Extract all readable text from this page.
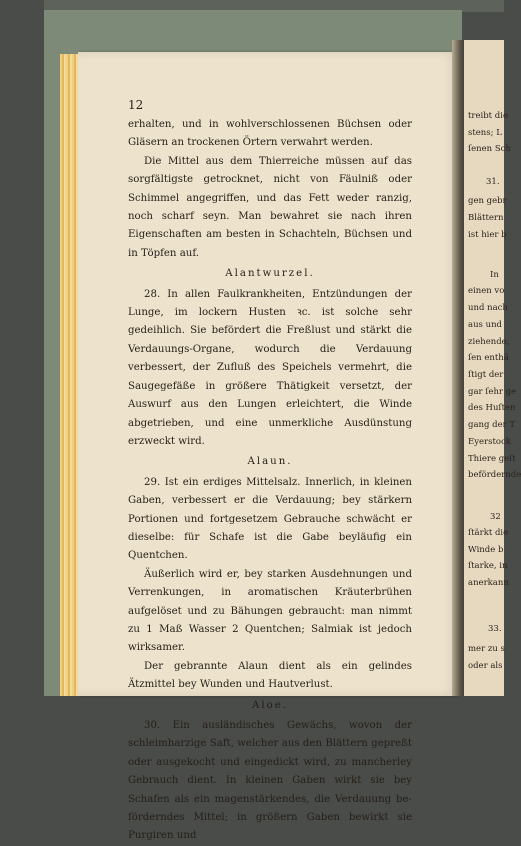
treibt die
stens; L
ſenen Sch
31.
gen gebr
Blättern
ist hier b
In
einen vo
und nach
aus und
ziehende,
ſen enthä
ſtigt der
gar ſehr ge
des Huſten
gang der T
Eyerstock
Thiere geſt
befördernde
32
ſtärkt die
Winde b
ſtarke, in
anerkann
33.
mer zu s
oder als
12

erhalten, und in wohlverschlossenen Büchsen oder Gläsern an trockenen Örtern verwahrt werden.

Die Mittel aus dem Thierreiche müssen auf das sorgfältigste getrocknet, nicht von Fäulniß oder Schimmel angegriffen, und das Fett weder ranzig, noch scharf seyn. Man bewahret sie nach ihren Eigenschaften am besten in Schachteln, Büchsen und in Töpfen auf.

Alantwurzel.

28. In allen Faulkrankheiten, Entzündungen der Lunge, im lockern Husten ꝛc. ist solche sehr gedeihlich. Sie befördert die Freßlust und stärkt die Verdauungs-Organe, wodurch die Verdauung verbessert, der Zufluß des Speichels vermehrt, die Saugegefäße in größere Thätigkeit versetzt, der Auswurf aus den Lungen erleichtert, die Winde abgetrieben, und eine unmerkliche Ausdünstung erzweckt wird.

Alaun.

29. Ist ein erdiges Mittelsalz. Innerlich, in kleinen Gaben, verbessert er die Verdauung; bey stärkern Portionen und fortgesetzem Gebrauche schwächt er dieselbe: für Schafe ist die Gabe beyläufig ein Quentchen.

Äußerlich wird er, bey starken Ausdehnungen und Verrenkungen, in aromatischen Kräuterbrühen aufgelöset und zu Bähungen gebraucht: man nimmt zu 1 Maß Wasser 2 Quentchen; Salmiak ist jedoch wirksamer.

Der gebrannte Alaun dient als ein gelindes Ätzmittel bey Wunden und Hautverlust.

Aloe.

30. Ein ausländisches Gewächs, wovon der schleimharzige Saft, welcher aus den Blättern gepreßt oder ausgekocht und eingedickt wird, zu mancherley Gebrauch dient. In kleinen Gaben wirkt sie bey Schafen als ein magenstärkendes, die Verdauung beförderndes Mittel; in größern Gaben bewirkt sie Purgiren und
